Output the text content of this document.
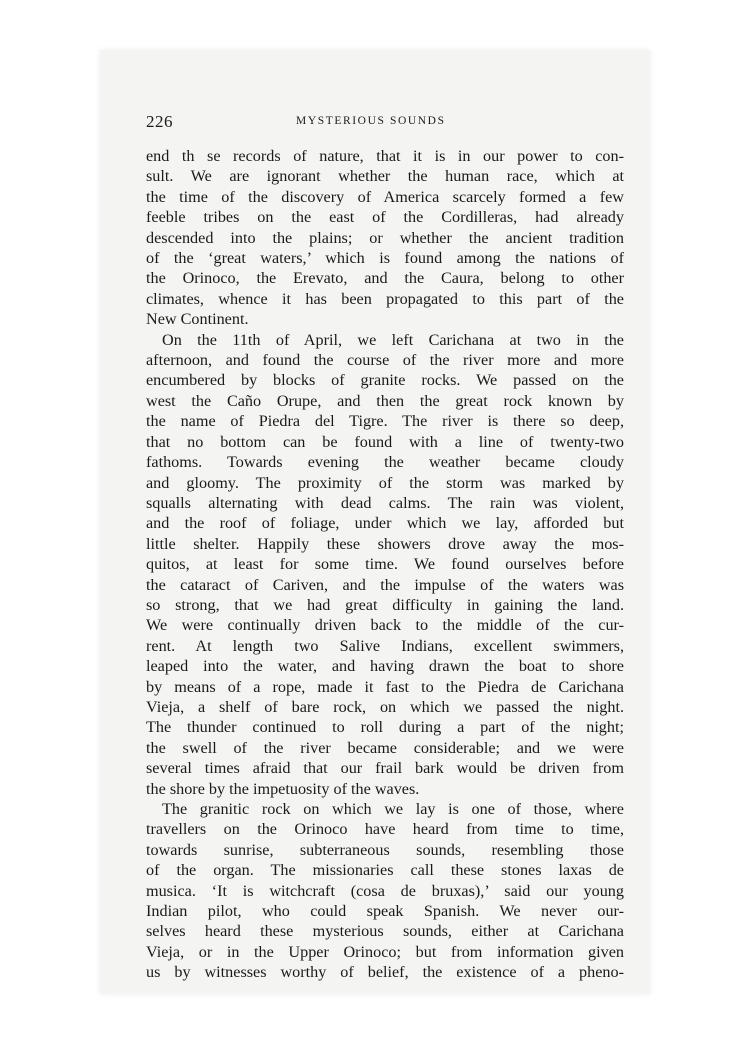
226	MYSTERIOUS SOUNDS
end th se records of nature, that it is in our power to con-
sult. We are ignorant whether the human race, which at
the time of the discovery of America scarcely formed a few
feeble tribes on the east of the Cordilleras, had already
descended into the plains; or whether the ancient tradition
of the ‘great waters,’ which is found among the nations of
the Orinoco, the Erevato, and the Caura, belong to other
climates, whence it has been propagated to this part of the
New Continent.
On the 11th of April, we left Carichana at two in the
afternoon, and found the course of the river more and more
encumbered by blocks of granite rocks. We passed on the
west the Caño Orupe, and then the great rock known by
the name of Piedra del Tigre. The river is there so deep,
that no bottom can be found with a line of twenty-two
fathoms. Towards evening the weather became cloudy
and gloomy. The proximity of the storm was marked by
squalls alternating with dead calms. The rain was violent,
and the roof of foliage, under which we lay, afforded but
little shelter. Happily these showers drove away the mos-
quitos, at least for some time. We found ourselves before
the cataract of Cariven, and the impulse of the waters was
so strong, that we had great difficulty in gaining the land.
We were continually driven back to the middle of the cur-
rent. At length two Salive Indians, excellent swimmers,
leaped into the water, and having drawn the boat to shore
by means of a rope, made it fast to the Piedra de Carichana
Vieja, a shelf of bare rock, on which we passed the night.
The thunder continued to roll during a part of the night;
the swell of the river became considerable; and we were
several times afraid that our frail bark would be driven from
the shore by the impetuosity of the waves.
The granitic rock on which we lay is one of those, where
travellers on the Orinoco have heard from time to time,
towards sunrise, subterraneous sounds, resembling those
of the organ. The missionaries call these stones laxas de
musica. ‘It is witchcraft (cosa de bruxas),’ said our young
Indian pilot, who could speak Spanish. We never our-
selves heard these mysterious sounds, either at Carichana
Vieja, or in the Upper Orinoco; but from information given
us by witnesses worthy of belief, the existence of a pheno-
